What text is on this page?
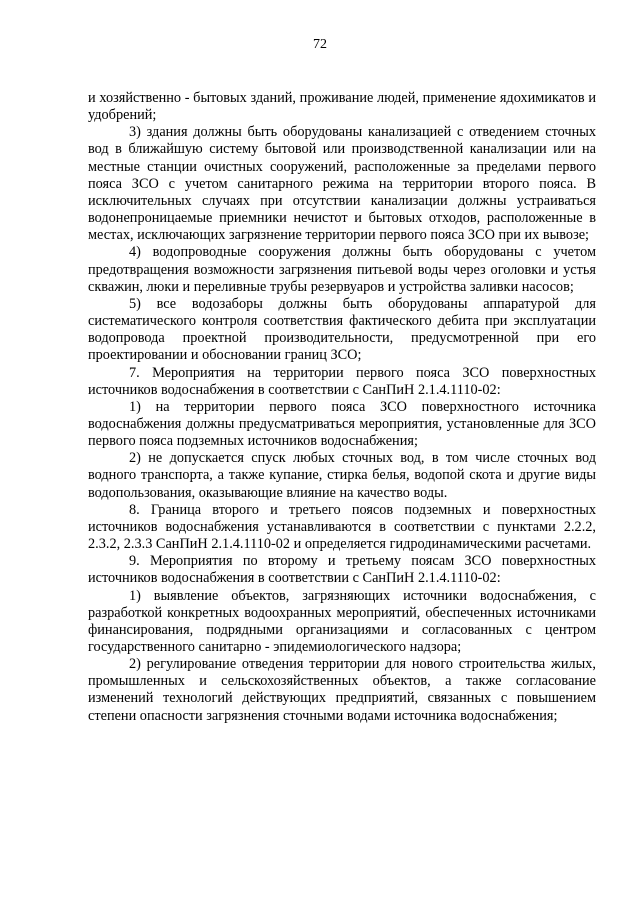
72

и хозяйственно - бытовых зданий, проживание людей, применение ядохимикатов и удобрений;

3) здания должны быть оборудованы канализацией с отведением сточных вод в ближайшую систему бытовой или производственной канализации или на местные станции очистных сооружений, расположенные за пределами первого пояса ЗСО с учетом санитарного режима на территории второго пояса. В исключительных случаях при отсутствии канализации должны устраиваться водонепроницаемые приемники нечистот и бытовых отходов, расположенные в местах, исключающих загрязнение территории первого пояса ЗСО при их вывозе;

4) водопроводные сооружения должны быть оборудованы с учетом предотвращения возможности загрязнения питьевой воды через оголовки и устья скважин, люки и переливные трубы резервуаров и устройства заливки насосов;

5) все водозаборы должны быть оборудованы аппаратурой для систематического контроля соответствия фактического дебита при эксплуатации водопровода проектной производительности, предусмотренной при его проектировании и обосновании границ ЗСО;

7. Мероприятия на территории первого пояса ЗСО поверхностных источников водоснабжения в соответствии с СанПиН 2.1.4.1110-02:

1) на территории первого пояса ЗСО поверхностного источника водоснабжения должны предусматриваться мероприятия, установленные для ЗСО первого пояса подземных источников водоснабжения;

2) не допускается спуск любых сточных вод, в том числе сточных вод водного транспорта, а также купание, стирка белья, водопой скота и другие виды водопользования, оказывающие влияние на качество воды.

8. Граница второго и третьего поясов подземных и поверхностных источников водоснабжения устанавливаются в соответствии с пунктами 2.2.2, 2.3.2, 2.3.3 СанПиН 2.1.4.1110-02 и определяется гидродинамическими расчетами.

9. Мероприятия по второму и третьему поясам ЗСО поверхностных источников водоснабжения в соответствии с СанПиН 2.1.4.1110-02:

1) выявление объектов, загрязняющих источники водоснабжения, с разработкой конкретных водоохранных мероприятий, обеспеченных источниками финансирования, подрядными организациями и согласованных с центром государственного санитарно - эпидемиологического надзора;

2) регулирование отведения территории для нового строительства жилых, промышленных и сельскохозяйственных объектов, а также согласование изменений технологий действующих предприятий, связанных с повышением степени опасности загрязнения сточными водами источника водоснабжения;
